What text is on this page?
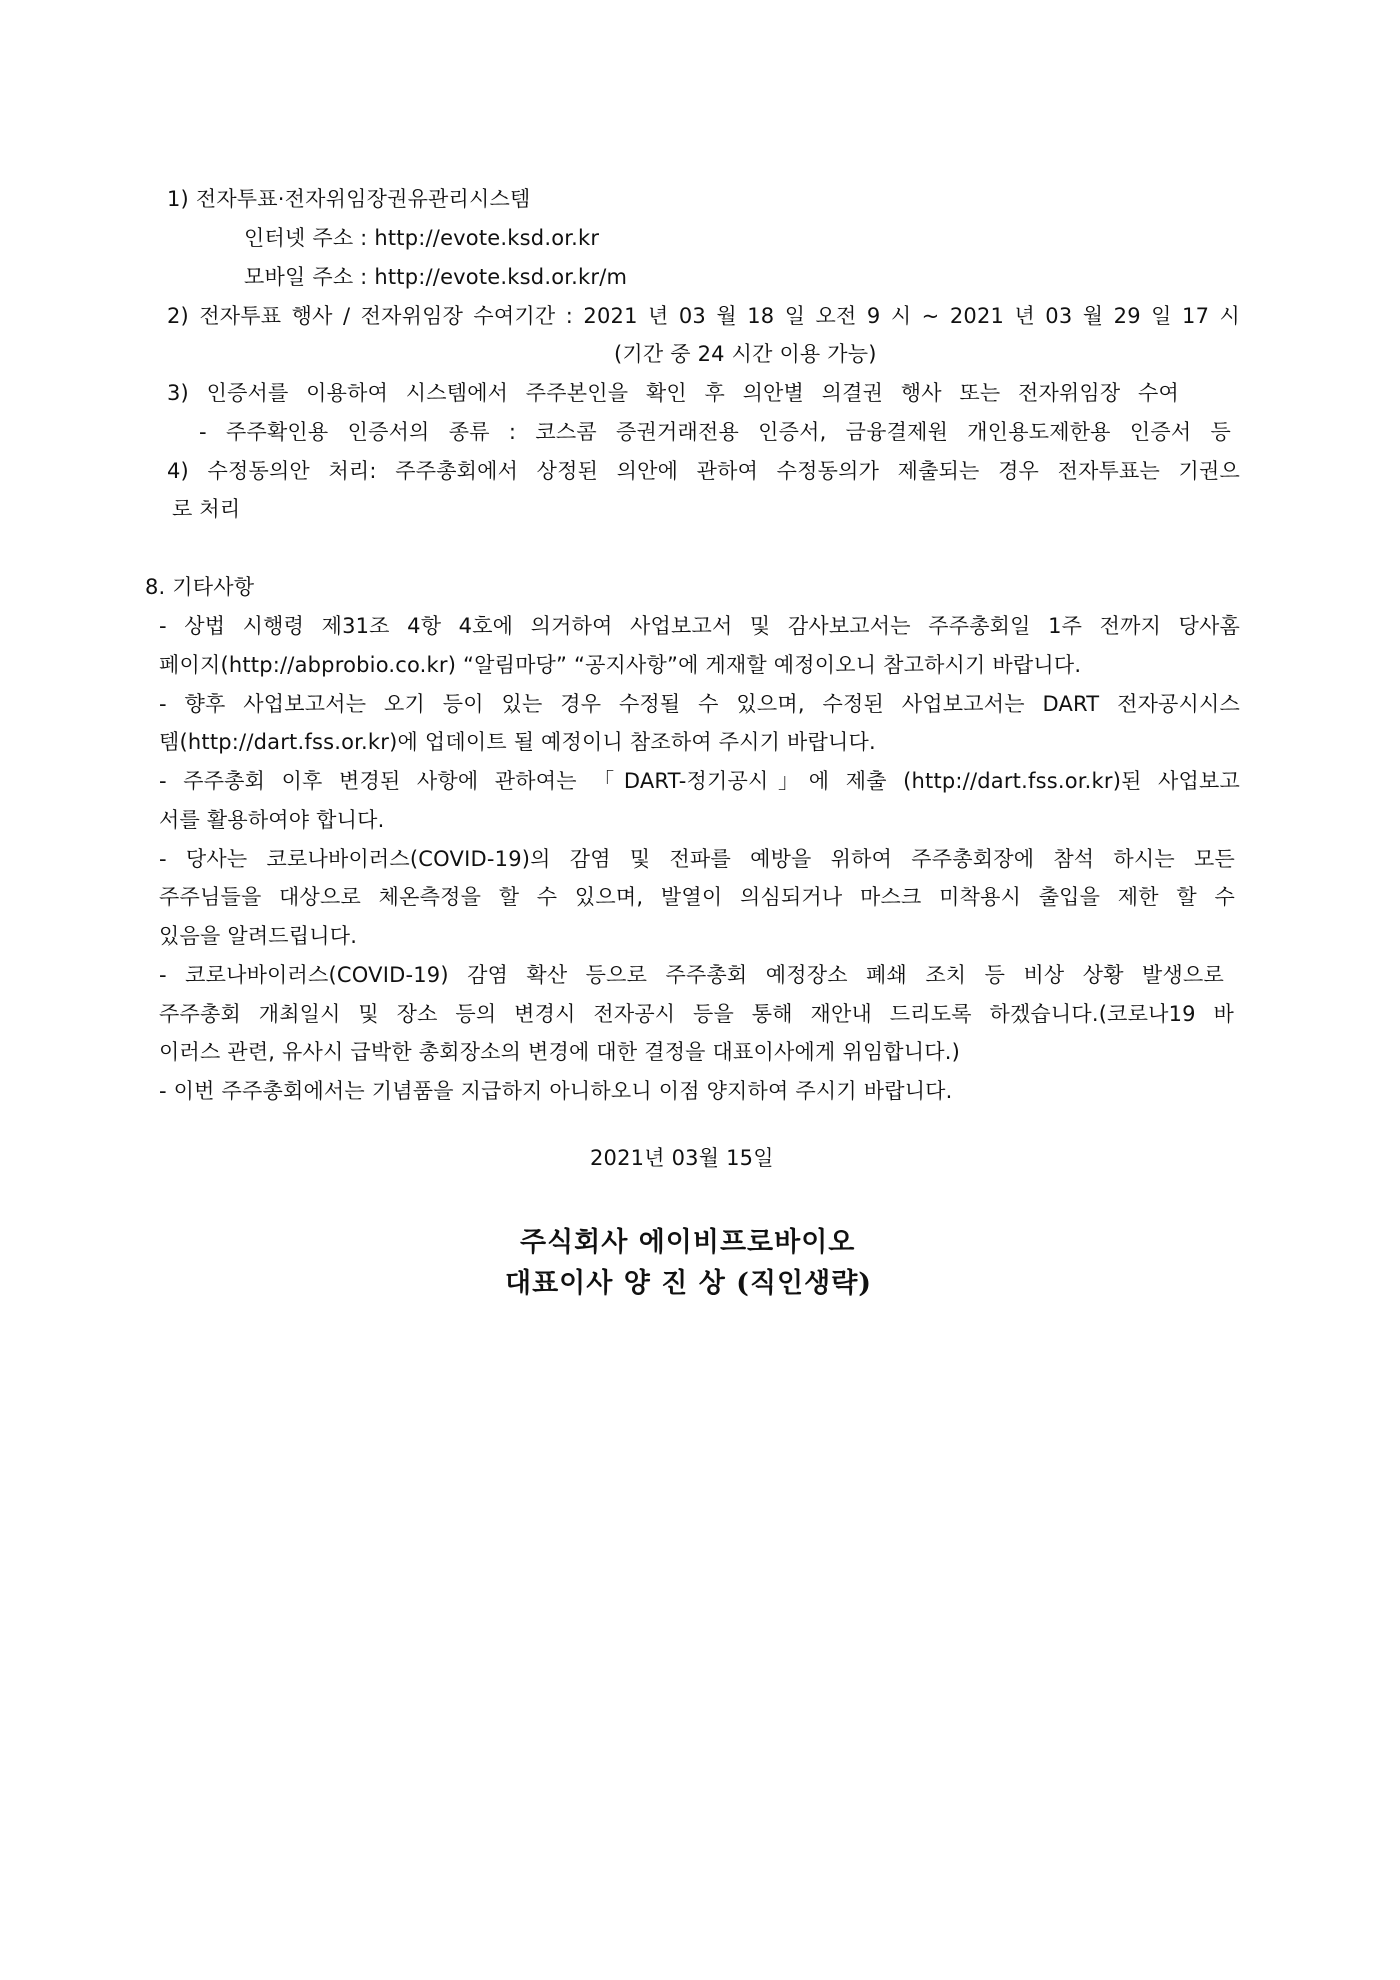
1) 전자투표·전자위임장권유관리시스템
인터넷 주소 : http://evote.ksd.or.kr
모바일 주소 : http://evote.ksd.or.kr/m
2) 전자투표 행사 / 전자위임장 수여기간 : 2021 년 03 월 18 일 오전 9 시 ~ 2021 년 03 월 29 일 17 시
(기간 중 24 시간 이용 가능)
3) 인증서를 이용하여 시스템에서 주주본인을 확인 후 의안별 의결권 행사 또는 전자위임장 수여
- 주주확인용 인증서의 종류 : 코스콤 증권거래전용 인증서, 금융결제원 개인용도제한용 인증서 등
4) 수정동의안 처리: 주주총회에서 상정된 의안에 관하여 수정동의가 제출되는 경우 전자투표는 기권으
로 처리
8. 기타사항
- 상법 시행령 제31조 4항 4호에 의거하여 사업보고서 및 감사보고서는 주주총회일 1주 전까지 당사홈
페이지(http://abprobio.co.kr) “알림마당” “공지사항”에 게재할 예정이오니 참고하시기 바랍니다.
- 향후 사업보고서는 오기 등이 있는 경우 수정될 수 있으며, 수정된 사업보고서는 DART 전자공시시스
템(http://dart.fss.or.kr)에 업데이트 될 예정이니 참조하여 주시기 바랍니다.
- 주주총회 이후 변경된 사항에 관하여는 「DART-정기공시」에 제출 (http://dart.fss.or.kr)된 사업보고
서를 활용하여야 합니다.
- 당사는 코로나바이러스(COVID-19)의 감염 및 전파를 예방을 위하여 주주총회장에 참석 하시는 모든
주주님들을 대상으로 체온측정을 할 수 있으며, 발열이 의심되거나 마스크 미착용시 출입을 제한 할 수
있음을 알려드립니다.
- 코로나바이러스(COVID-19) 감염 확산 등으로 주주총회 예정장소 폐쇄 조치 등 비상 상황 발생으로
주주총회 개최일시 및 장소 등의 변경시 전자공시 등을 통해 재안내 드리도록 하겠습니다.(코로나19 바
이러스 관련, 유사시 급박한 총회장소의 변경에 대한 결정을 대표이사에게 위임합니다.)
- 이번 주주총회에서는 기념품을 지급하지 아니하오니 이점 양지하여 주시기 바랍니다.
2021년 03월 15일
주식회사 에이비프로바이오
대표이사 양 진 상 (직인생략)
